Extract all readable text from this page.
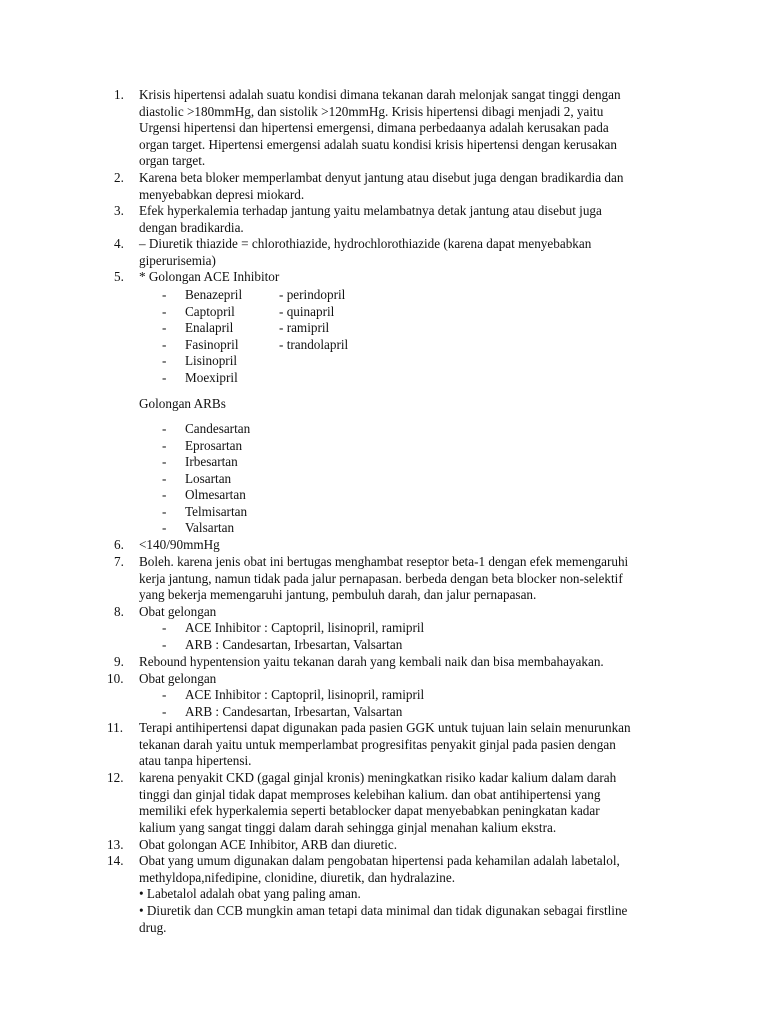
1. Krisis hipertensi adalah suatu kondisi dimana tekanan darah melonjak sangat tinggi dengan
diastolic >180mmHg, dan sistolik >120mmHg. Krisis hipertensi dibagi menjadi 2, yaitu
Urgensi hipertensi dan hipertensi emergensi, dimana perbedaanya adalah kerusakan pada
organ target. Hipertensi emergensi adalah suatu kondisi krisis hipertensi dengan kerusakan
organ target.
2. Karena beta bloker memperlambat denyut jantung atau disebut juga dengan bradikardia dan
menyebabkan depresi miokard.
3. Efek hyperkalemia terhadap jantung yaitu melambatnya detak jantung atau disebut juga
dengan bradikardia.
4. – Diuretik thiazide = chlorothiazide, hydrochlorothiazide (karena dapat menyebabkan
giperurisemia)
5. * Golongan ACE Inhibitor
- Benazepril	- perindopril
- Captopril	- quinapril
- Enalapril	- ramipril
- Fasinopril	- trandolapril
- Lisinopril
- Moexipril
Golongan ARBs
- Candesartan
- Eprosartan
- Irbesartan
- Losartan
- Olmesartan
- Telmisartan
- Valsartan
6. <140/90mmHg
7. Boleh. karena jenis obat ini bertugas menghambat reseptor beta-1 dengan efek memengaruhi
kerja jantung, namun tidak pada jalur pernapasan. berbeda dengan beta blocker non-selektif
yang bekerja memengaruhi jantung, pembuluh darah, dan jalur pernapasan.
8. Obat gelongan
- ACE Inhibitor : Captopril, lisinopril, ramipril
- ARB : Candesartan, Irbesartan, Valsartan
9. Rebound hypentension yaitu tekanan darah yang kembali naik dan bisa membahayakan.
10. Obat gelongan
- ACE Inhibitor : Captopril, lisinopril, ramipril
- ARB : Candesartan, Irbesartan, Valsartan
11. Terapi antihipertensi dapat digunakan pada pasien GGK untuk tujuan lain selain menurunkan
tekanan darah yaitu untuk memperlambat progresifitas penyakit ginjal pada pasien dengan
atau tanpa hipertensi.
12. karena penyakit CKD (gagal ginjal kronis) meningkatkan risiko kadar kalium dalam darah
tinggi dan ginjal tidak dapat memproses kelebihan kalium. dan obat antihipertensi yang
memiliki efek hyperkalemia seperti betablocker dapat menyebabkan peningkatan kadar
kalium yang sangat tinggi dalam darah sehingga ginjal menahan kalium ekstra.
13. Obat golongan ACE Inhibitor, ARB dan diuretic.
14. Obat yang umum digunakan dalam pengobatan hipertensi pada kehamilan adalah labetalol,
methyldopa,nifedipine, clonidine, diuretik, dan hydralazine.
• Labetalol adalah obat yang paling aman.
• Diuretik dan CCB mungkin aman tetapi data minimal dan tidak digunakan sebagai firstline
drug.
